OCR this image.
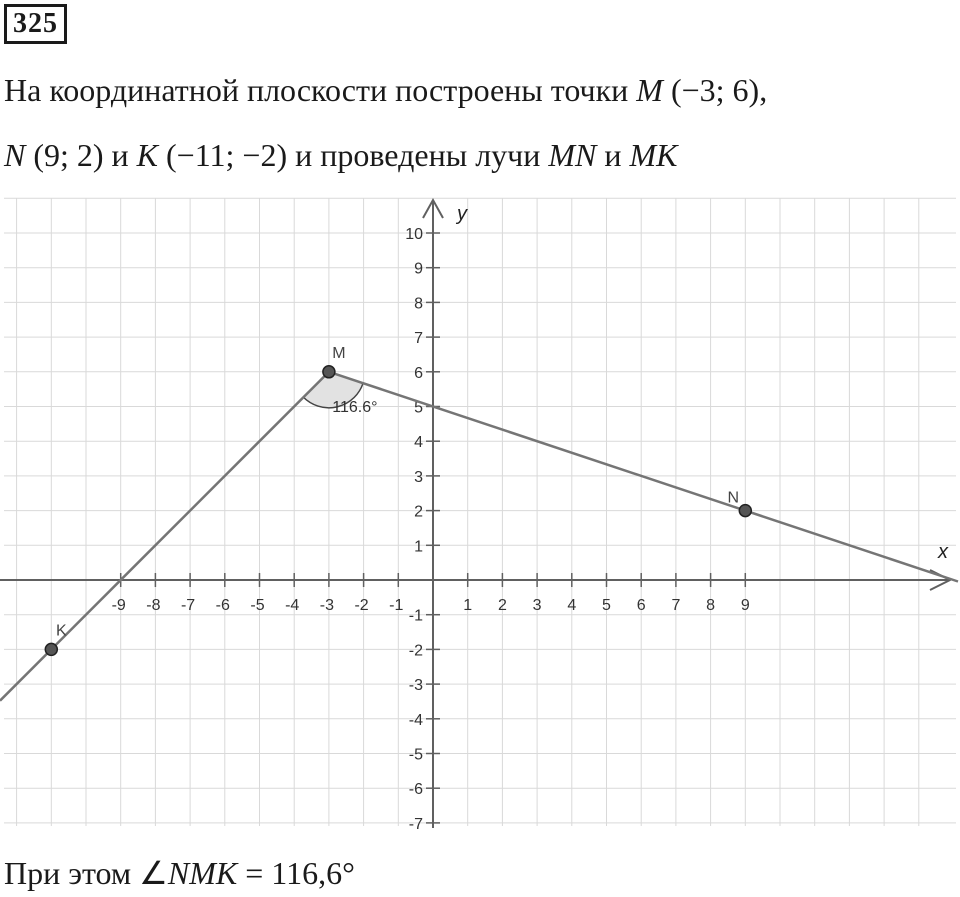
325
На координатной плоскости построены точки M (−3; 6),
N (9; 2) и K (−11; −2) и проведены лучи MN и MK
x
y
-9 -8 -7 -6 -5 -4 -3 -2 -1	1 2 3 4 5 6 7 8 9
10
9
8
7
6
5
4
3
2
1
-1
-2
-3
-4
-5
-6
-7
116.6°
M
N
K
При этом ∠NMK = 116,6°
